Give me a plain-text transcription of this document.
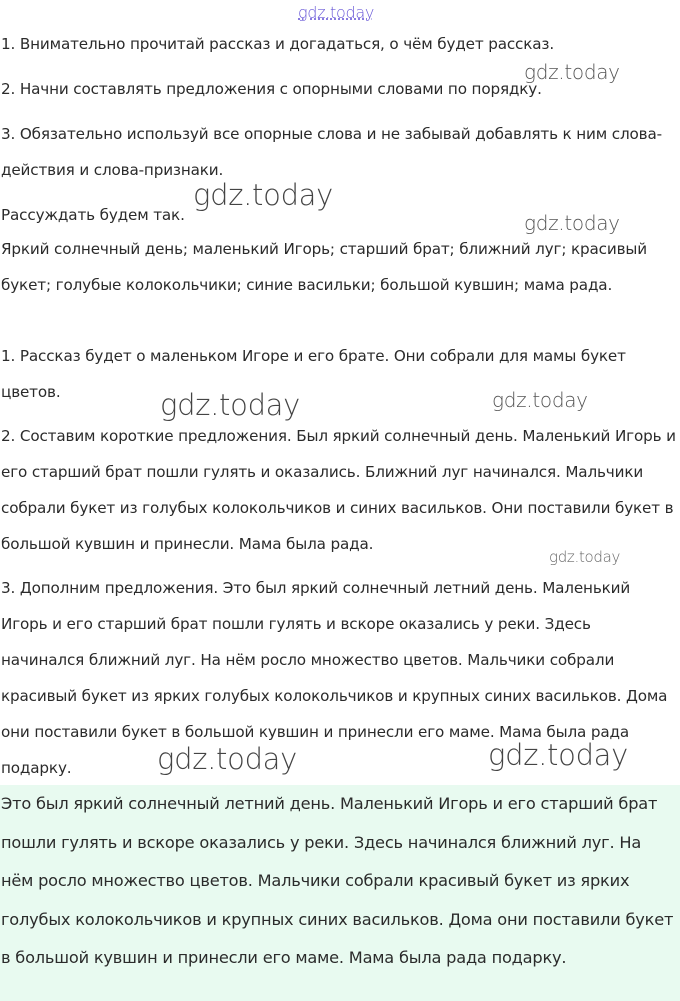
gdz.today

1. Внимательно прочитай рассказ и догадаться, о чём будет рассказ.

2. Начни составлять предложения с опорными словами по порядку.

3. Обязательно используй все опорные слова и не забывай добавлять к ним слова-действия и слова-признаки.

Рассуждать будем так.

Яркий солнечный день; маленький Игорь; старший брат; ближний луг; красивый букет; голубые колокольчики; синие васильки; большой кувшин; мама рада.

1. Рассказ будет о маленьком Игоре и его брате. Они собрали для мамы букет цветов.

2. Составим короткие предложения. Был яркий солнечный день. Маленький Игорь и его старший брат пошли гулять и оказались. Ближний луг начинался. Мальчики собрали букет из голубых колокольчиков и синих васильков. Они поставили букет в большой кувшин и принесли. Мама была рада.

3. Дополним предложения. Это был яркий солнечный летний день. Маленький Игорь и его старший брат пошли гулять и вскоре оказались у реки. Здесь начинался ближний луг. На нём росло множество цветов. Мальчики собрали красивый букет из ярких голубых колокольчиков и крупных синих васильков. Дома они поставили букет в большой кувшин и принесли его маме. Мама была рада подарку.

Это был яркий солнечный летний день. Маленький Игорь и его старший брат пошли гулять и вскоре оказались у реки. Здесь начинался ближний луг. На нём росло множество цветов. Мальчики собрали красивый букет из ярких голубых колокольчиков и крупных синих васильков. Дома они поставили букет в большой кувшин и принесли его маме. Мама была рада подарку.

gdz.today
gdz.today
gdz.today
gdz.today	gdz.today
gdz.today
gdz.today	gdz.today
